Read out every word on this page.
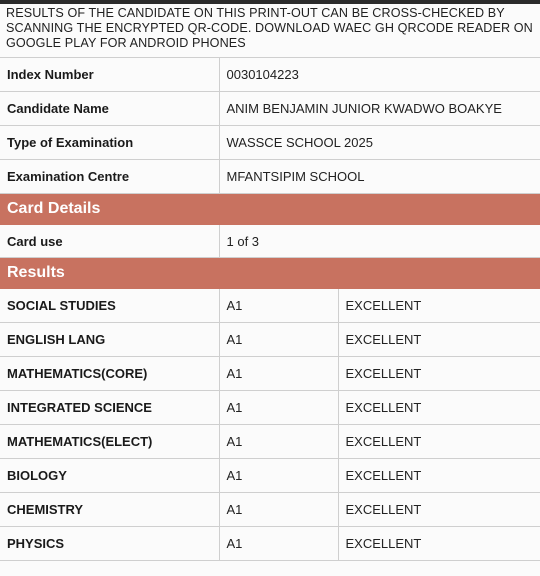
RESULTS OF THE CANDIDATE ON THIS PRINT-OUT CAN BE CROSS-CHECKED BY SCANNING THE ENCRYPTED QR-CODE. DOWNLOAD WAEC GH QRCODE READER ON GOOGLE PLAY FOR ANDROID PHONES
Index Number	0030104223	
Candidate Name	ANIM BENJAMIN JUNIOR KWADWO BOAKYE	
Type of Examination	WASSCE SCHOOL 2025	
Examination Centre	MFANTSIPIM SCHOOL	
Card Details		
Card use	1 of 3	
Results		
SOCIAL STUDIES	A1	EXCELLENT
ENGLISH LANG	A1	EXCELLENT
MATHEMATICS(CORE)	A1	EXCELLENT
INTEGRATED SCIENCE	A1	EXCELLENT
MATHEMATICS(ELECT)	A1	EXCELLENT
BIOLOGY	A1	EXCELLENT
CHEMISTRY	A1	EXCELLENT
PHYSICS	A1	EXCELLENT
